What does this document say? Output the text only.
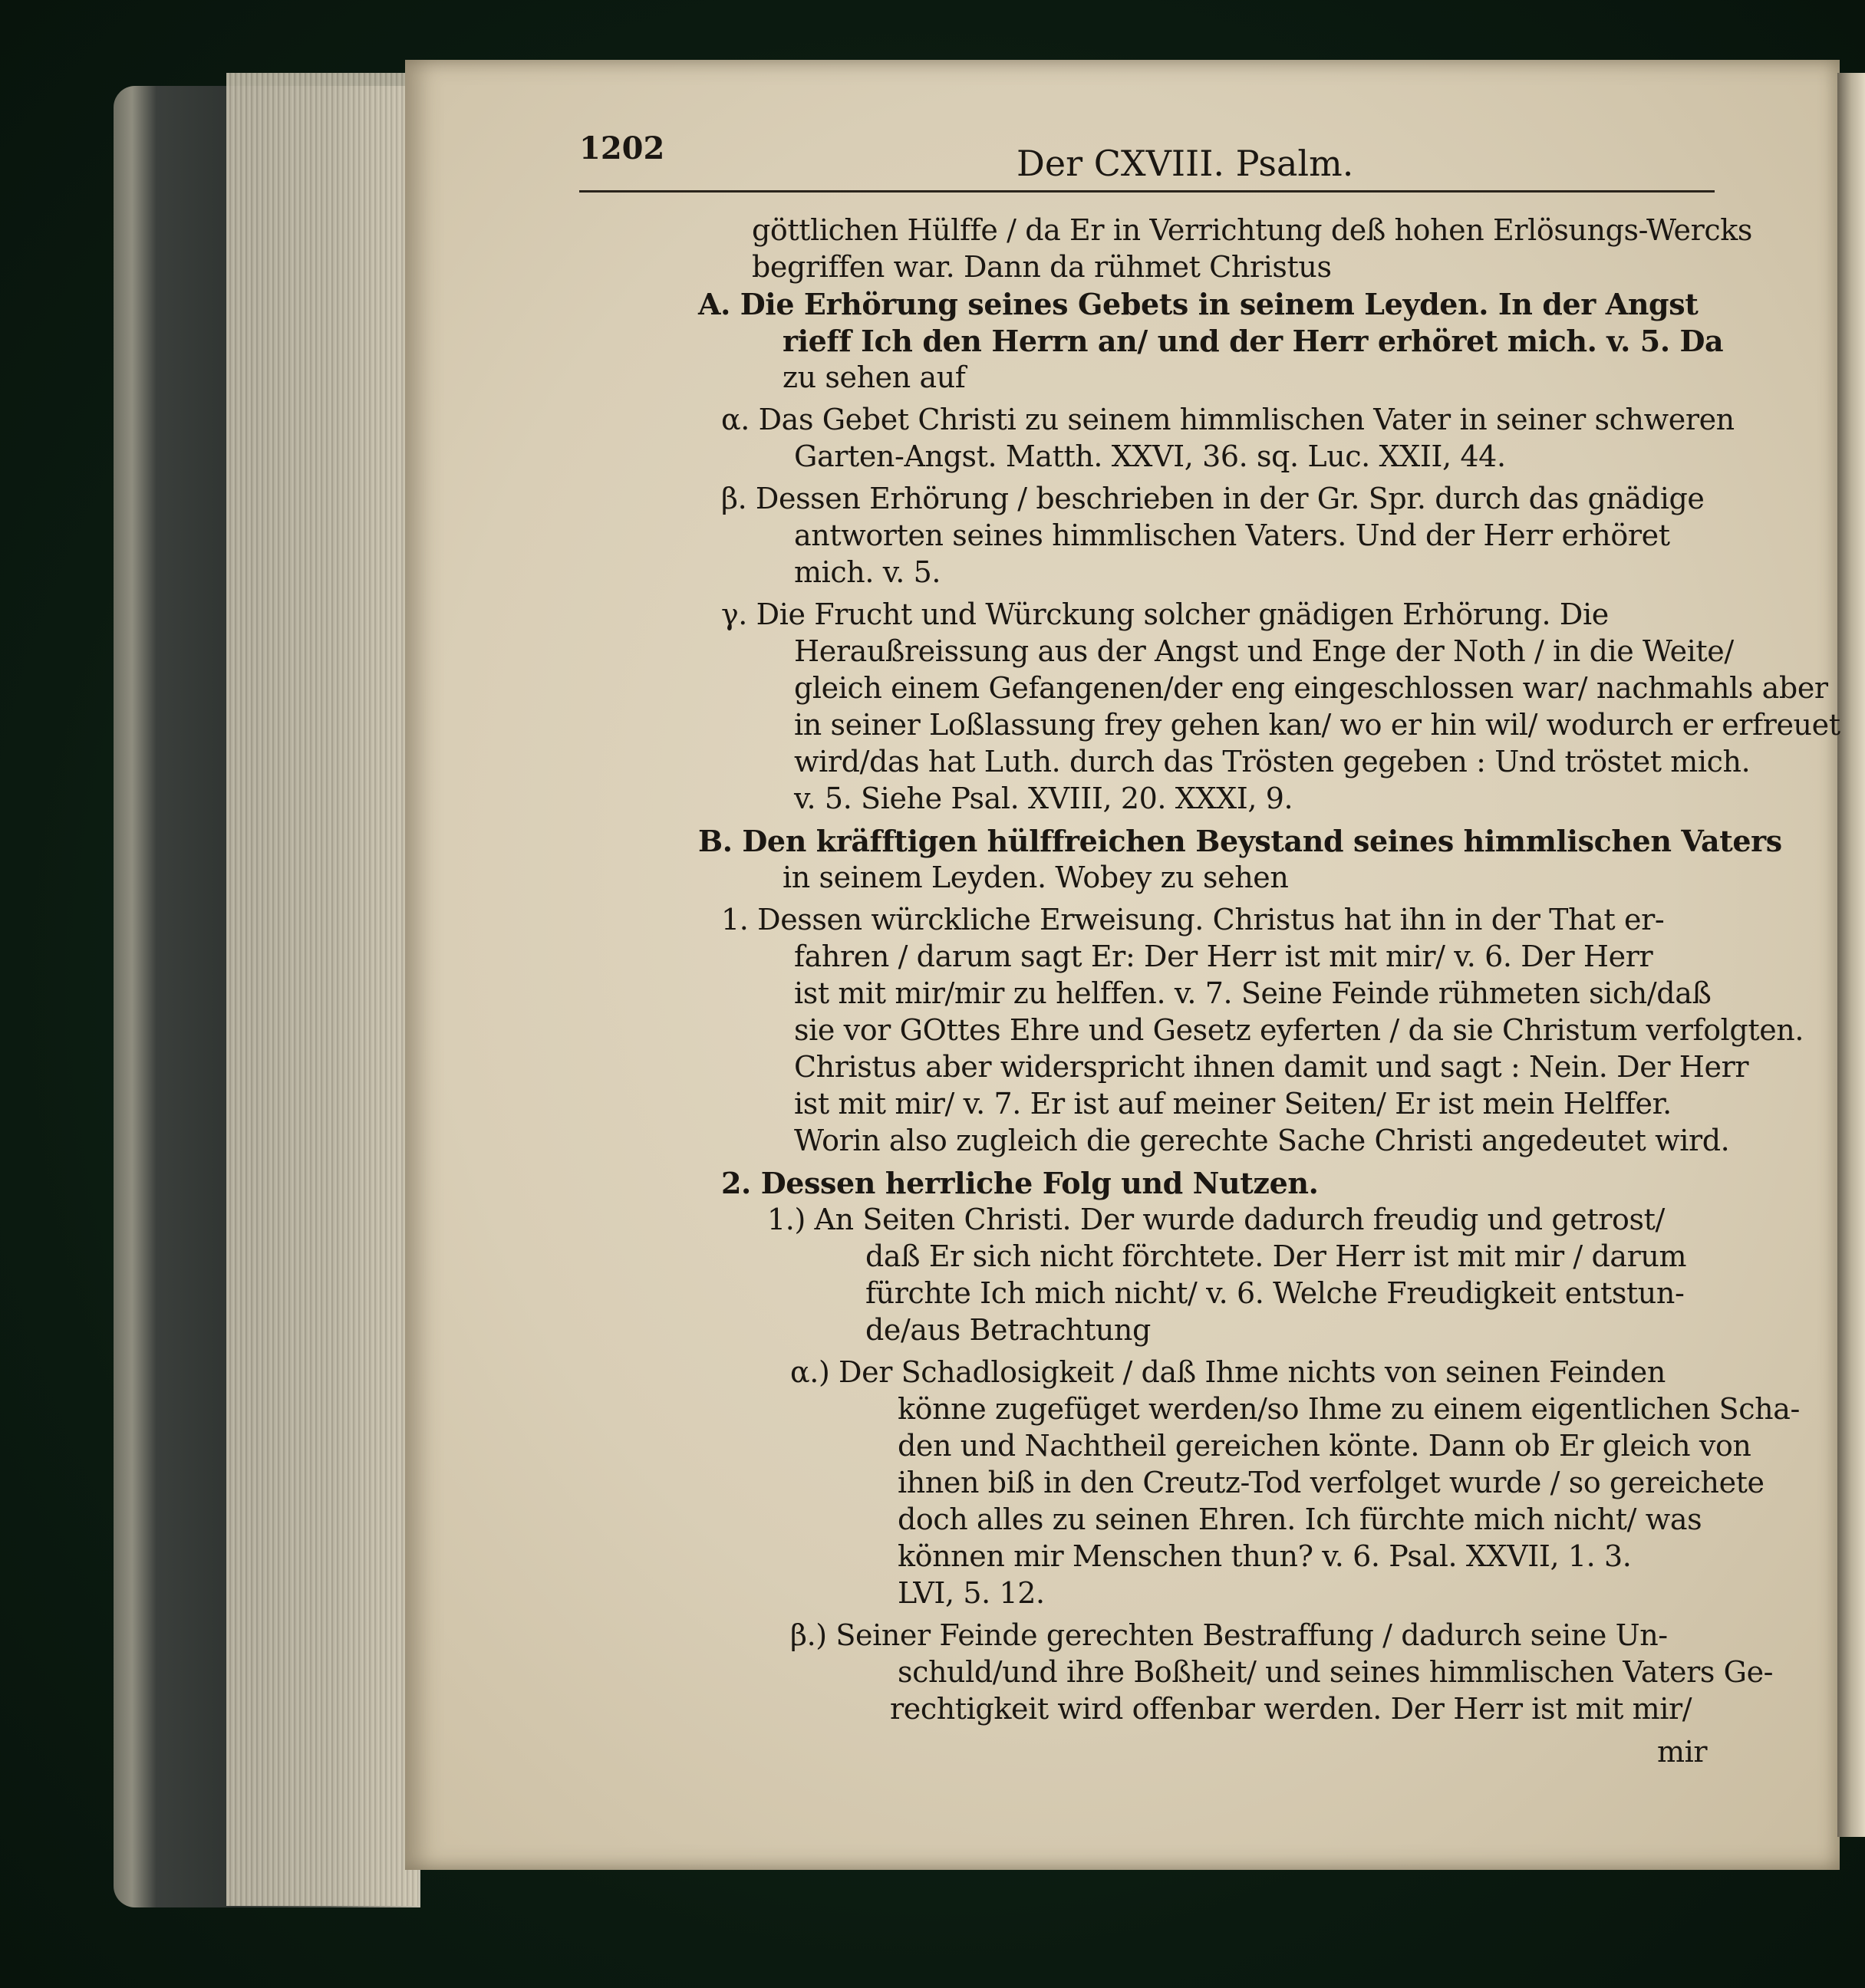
1202	Der CXVIII. Psalm.
göttlichen Hülffe / da Er in Verrichtung deß hohen Erlösungs-Wercks
begriffen war. Dann da rühmet Christus
A. Die Erhörung seines Gebets in seinem Leyden. In der Angst
rieff Ich den Herrn an/ und der Herr erhöret mich. v. 5. Da
zu sehen auf
α. Das Gebet Christi zu seinem himmlischen Vater in seiner schweren
Garten-Angst. Matth. XXVI, 36. sq. Luc. XXII, 44.
β. Dessen Erhörung / beschrieben in der Gr. Spr. durch das gnädige
antworten seines himmlischen Vaters. Und der Herr erhöret
mich. v. 5.
γ. Die Frucht und Würckung solcher gnädigen Erhörung. Die
Heraußreissung aus der Angst und Enge der Noth / in die Weite/
gleich einem Gefangenen/der eng eingeschlossen war/ nachmahls aber
in seiner Loßlassung frey gehen kan/ wo er hin wil/ wodurch er erfreuet
wird/das hat Luth. durch das Trösten gegeben : Und tröstet mich.
v. 5. Siehe Psal. XVIII, 20. XXXI, 9.
B. Den kräfftigen hülffreichen Beystand seines himmlischen Vaters
in seinem Leyden. Wobey zu sehen
1. Dessen würckliche Erweisung. Christus hat ihn in der That er-
fahren / darum sagt Er: Der Herr ist mit mir/ v. 6. Der Herr
ist mit mir/mir zu helffen. v. 7. Seine Feinde rühmeten sich/daß
sie vor GOttes Ehre und Gesetz eyferten / da sie Christum verfolgten.
Christus aber widerspricht ihnen damit und sagt : Nein. Der Herr
ist mit mir/ v. 7. Er ist auf meiner Seiten/ Er ist mein Helffer.
Worin also zugleich die gerechte Sache Christi angedeutet wird.
2. Dessen herrliche Folg und Nutzen.
1.) An Seiten Christi. Der wurde dadurch freudig und getrost/
daß Er sich nicht förchtete. Der Herr ist mit mir / darum
fürchte Ich mich nicht/ v. 6. Welche Freudigkeit entstun-
de/aus Betrachtung
α.) Der Schadlosigkeit / daß Ihme nichts von seinen Feinden
könne zugefüget werden/so Ihme zu einem eigentlichen Scha-
den und Nachtheil gereichen könte. Dann ob Er gleich von
ihnen biß in den Creutz-Tod verfolget wurde / so gereichete
doch alles zu seinen Ehren. Ich fürchte mich nicht/ was
können mir Menschen thun? v. 6. Psal. XXVII, 1. 3.
LVI, 5. 12.
β.) Seiner Feinde gerechten Bestraffung / dadurch seine Un-
schuld/und ihre Boßheit/ und seines himmlischen Vaters Ge-
rechtigkeit wird offenbar werden. Der Herr ist mit mir/
mir
